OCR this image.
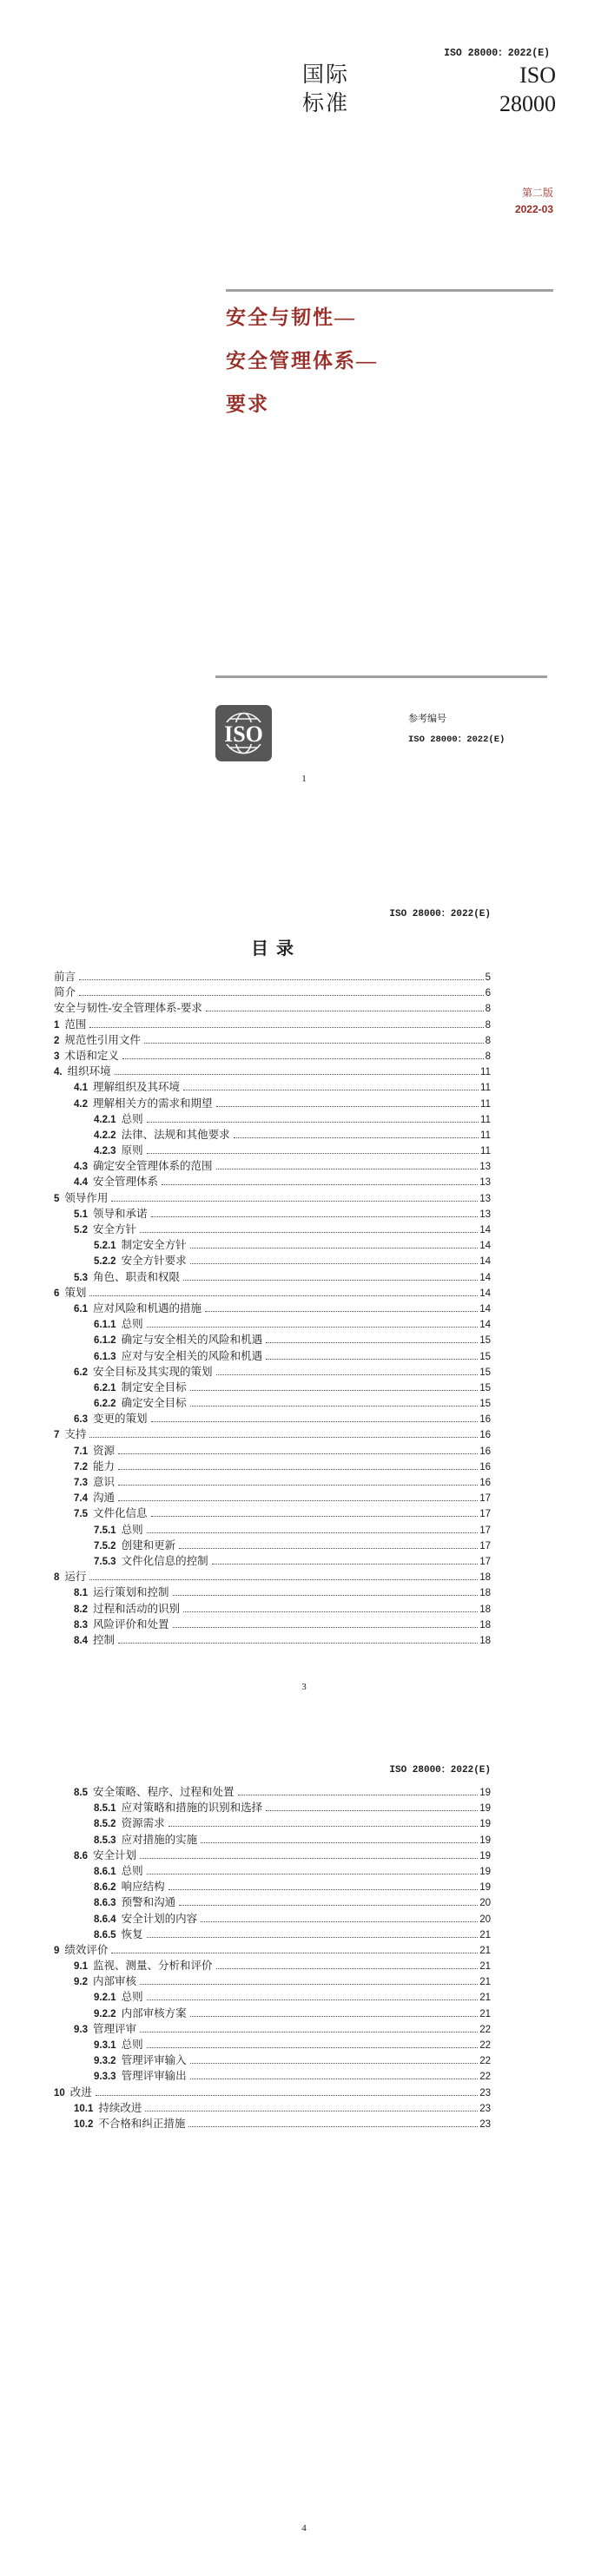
ISO 28000：2022(E)
国际
标准
ISO
28000
第二版
2022-03
安全与韧性—
安全管理体系—
要求
ISO
参考编号
ISO 28000：2022(E)
1
ISO 28000：2022(E)
目录
前言	5
简介	6
安全与韧性-安全管理体系-要求	8
1 范围	8
2 规范性引用文件	8
3 术语和定义	8
4. 组织环境	11
4.1 理解组织及其环境	11
4.2 理解相关方的需求和期望	11
4.2.1 总则	11
4.2.2 法律、法规和其他要求	11
4.2.3 原则	11
4.3 确定安全管理体系的范围	13
4.4 安全管理体系	13
5 领导作用	13
5.1 领导和承诺	13
5.2 安全方针	14
5.2.1 制定安全方针	14
5.2.2 安全方针要求	14
5.3 角色、职责和权限	14
6 策划	14
6.1 应对风险和机遇的措施	14
6.1.1 总则	14
6.1.2 确定与安全相关的风险和机遇	15
6.1.3 应对与安全相关的风险和机遇	15
6.2 安全目标及其实现的策划	15
6.2.1 制定安全目标	15
6.2.2 确定安全目标	15
6.3 变更的策划	16
7 支持	16
7.1 资源	16
7.2 能力	16
7.3 意识	16
7.4 沟通	17
7.5 文件化信息	17
7.5.1 总则	17
7.5.2 创建和更新	17
7.5.3 文件化信息的控制	17
8 运行	18
8.1 运行策划和控制	18
8.2 过程和活动的识别	18
8.3 风险评价和处置	18
8.4 控制	18
3
ISO 28000：2022(E)
8.5 安全策略、程序、过程和处置	19
8.5.1 应对策略和措施的识别和选择	19
8.5.2 资源需求	19
8.5.3 应对措施的实施	19
8.6 安全计划	19
8.6.1 总则	19
8.6.2 响应结构	19
8.6.3 预警和沟通	20
8.6.4 安全计划的内容	20
8.6.5 恢复	21
9 绩效评价	21
9.1 监视、测量、分析和评价	21
9.2 内部审核	21
9.2.1 总则	21
9.2.2 内部审核方案	21
9.3 管理评审	22
9.3.1 总则	22
9.3.2 管理评审输入	22
9.3.3 管理评审输出	22
10 改进	23
10.1 持续改进	23
10.2 不合格和纠正措施	23
4
